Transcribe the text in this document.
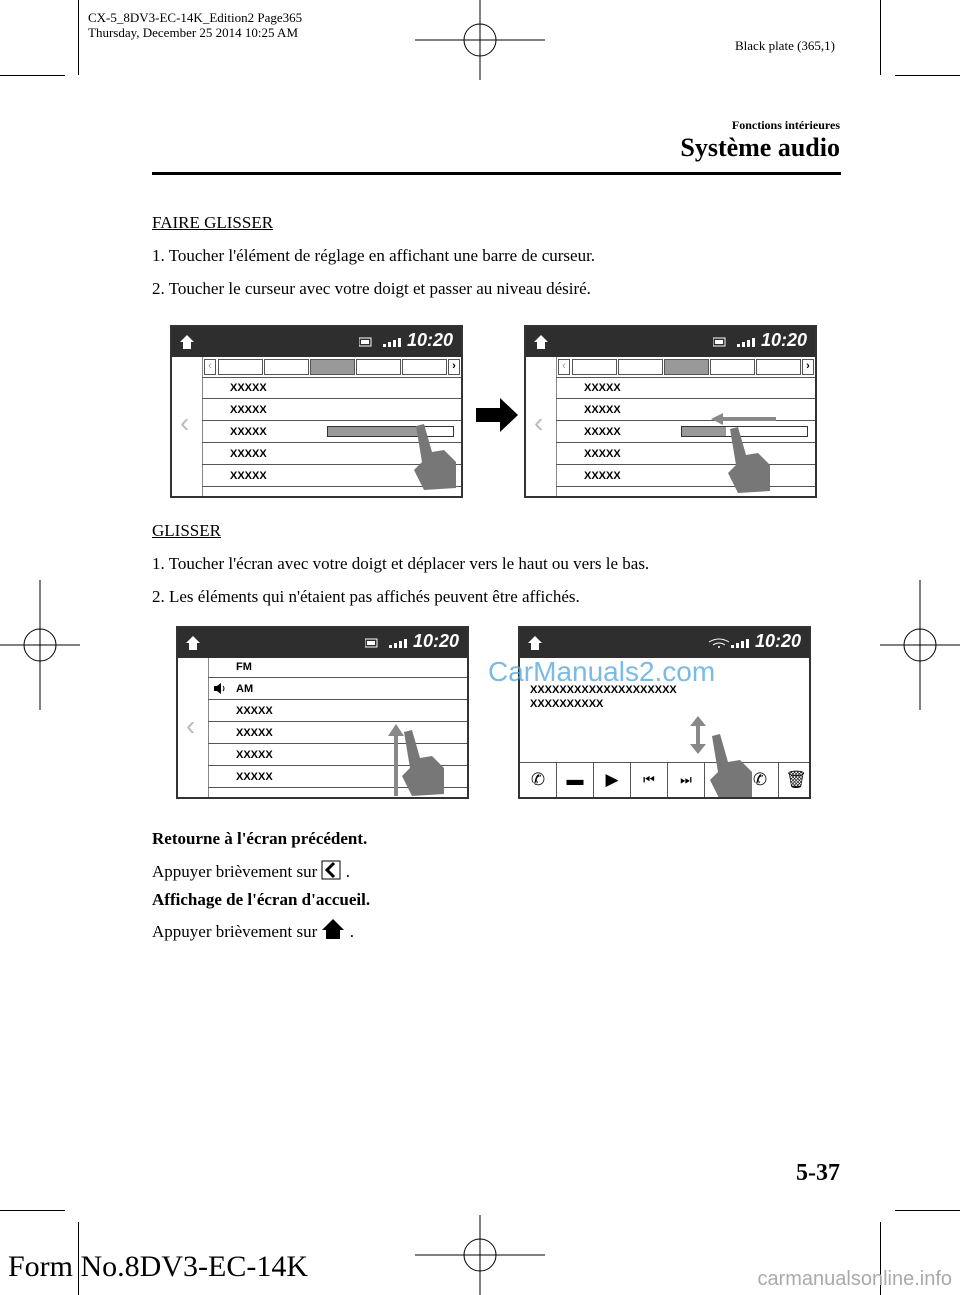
CX-5_8DV3-EC-14K_Edition2 Page365
Thursday, December 25 2014 10:25 AM
Black plate (365,1)
Fonctions intérieures
Système audio
FAIRE GLISSER
1. Toucher l'élément de réglage en affichant une barre de curseur.
2. Toucher le curseur avec votre doigt et passer au niveau désiré.
10:20
‹
‹	›
XXXXX
XXXXX
XXXXX
XXXXX
XXXXX
10:20
‹
‹	›
XXXXX
XXXXX
XXXXX
XXXXX
XXXXX
GLISSER
1. Toucher l'écran avec votre doigt et déplacer vers le haut ou vers le bas.
2. Les éléments qui n'étaient pas affichés peuvent être affichés.
10:20
‹
FM
AM
XXXXX
XXXXX
XXXXX
XXXXX
10:20
XXXXXXXXXXXXXXXXXXXX
XXXXXXXXXX
✆	▬	▶	⏮	⏭	✆	🗑
CarManuals2.com
Retourne à l'écran précédent.
Appuyer brièvement sur .
Affichage de l'écran d'accueil.
Appuyer brièvement sur .
5-37
Form No.8DV3-EC-14K	carmanualsonline.info
